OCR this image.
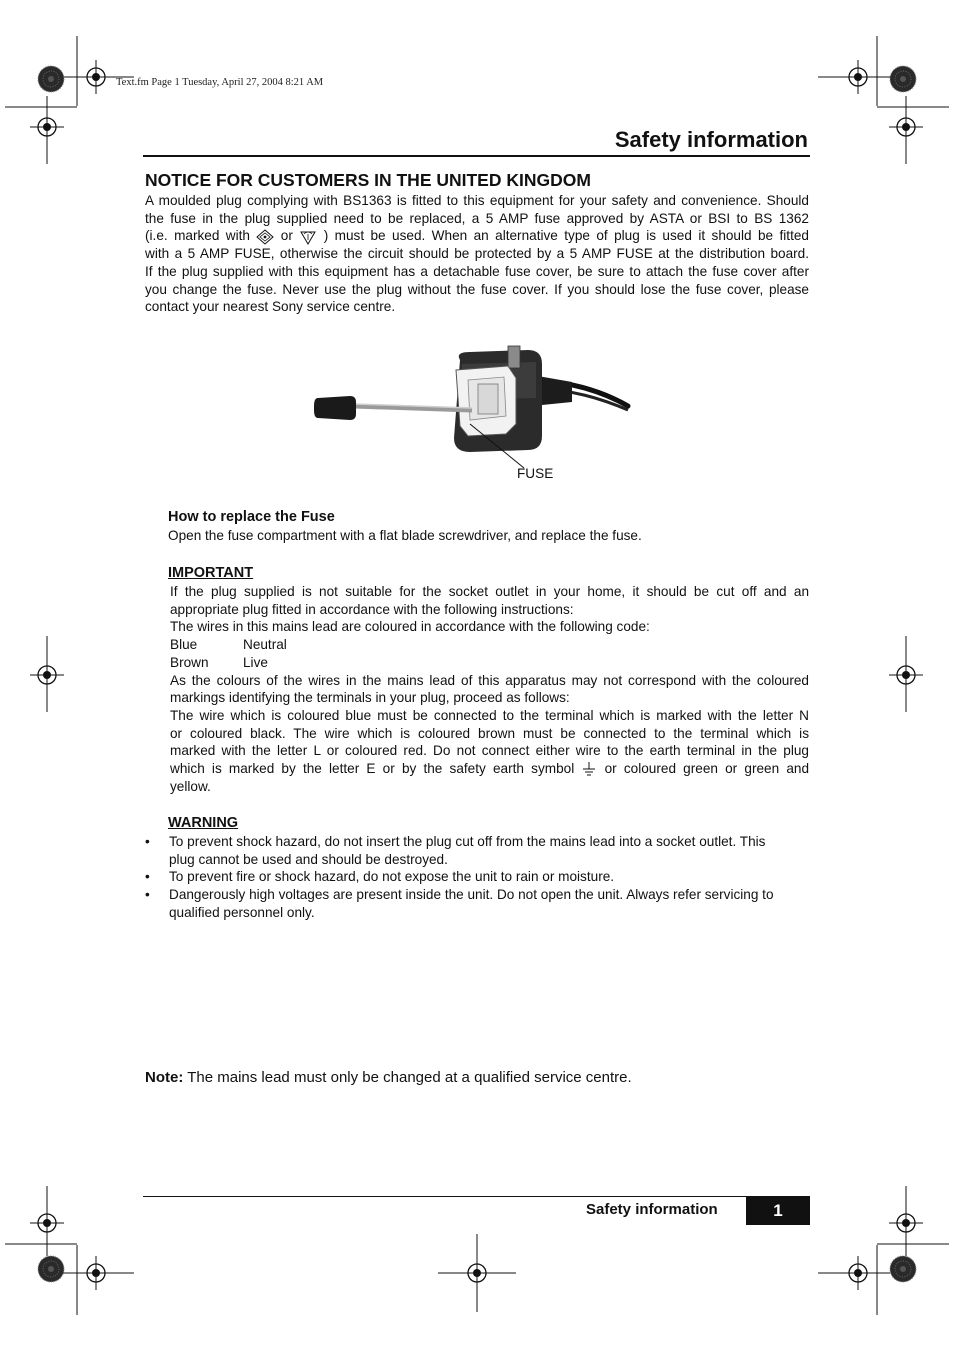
Text.fm Page 1 Tuesday, April 27, 2004 8:21 AM
Safety information
NOTICE FOR CUSTOMERS IN THE UNITED KINGDOM
A moulded plug complying with BS1363 is fitted to this equipment for your safety and convenience. Should
the fuse in the plug supplied need to be replaced, a 5 AMP fuse approved by ASTA or BSI to BS 1362
(i.e. marked with or ) must be used. When an alternative type of plug is used it should be fitted
with a 5 AMP FUSE, otherwise the circuit should be protected by a 5 AMP FUSE at the distribution board.
If the plug supplied with this equipment has a detachable fuse cover, be sure to attach the fuse cover after
you change the fuse. Never use the plug without the fuse cover. If you should lose the fuse cover, please
contact your nearest Sony service centre.
FUSE
How to replace the Fuse
Open the fuse compartment with a flat blade screwdriver, and replace the fuse.
IMPORTANT
If the plug supplied is not suitable for the socket outlet in your home, it should be cut off and an
appropriate plug fitted in accordance with the following instructions:
The wires in this mains lead are coloured in accordance with the following code:
Blue	Neutral
Brown	Live
As the colours of the wires in the mains lead of this apparatus may not correspond with the coloured
markings identifying the terminals in your plug, proceed as follows:
The wire which is coloured blue must be connected to the terminal which is marked with the letter N
or coloured black. The wire which is coloured brown must be connected to the terminal which is
marked with the letter L or coloured red. Do not connect either wire to the earth terminal in the plug
which is marked by the letter E or by the safety earth symbol or coloured green or green and
yellow.
WARNING
• To prevent shock hazard, do not insert the plug cut off from the mains lead into a socket outlet. This
plug cannot be used and should be destroyed.
• To prevent fire or shock hazard, do not expose the unit to rain or moisture.
• Dangerously high voltages are present inside the unit. Do not open the unit. Always refer servicing to
qualified personnel only.
Note: The mains lead must only be changed at a qualified service centre.
Safety information	1
